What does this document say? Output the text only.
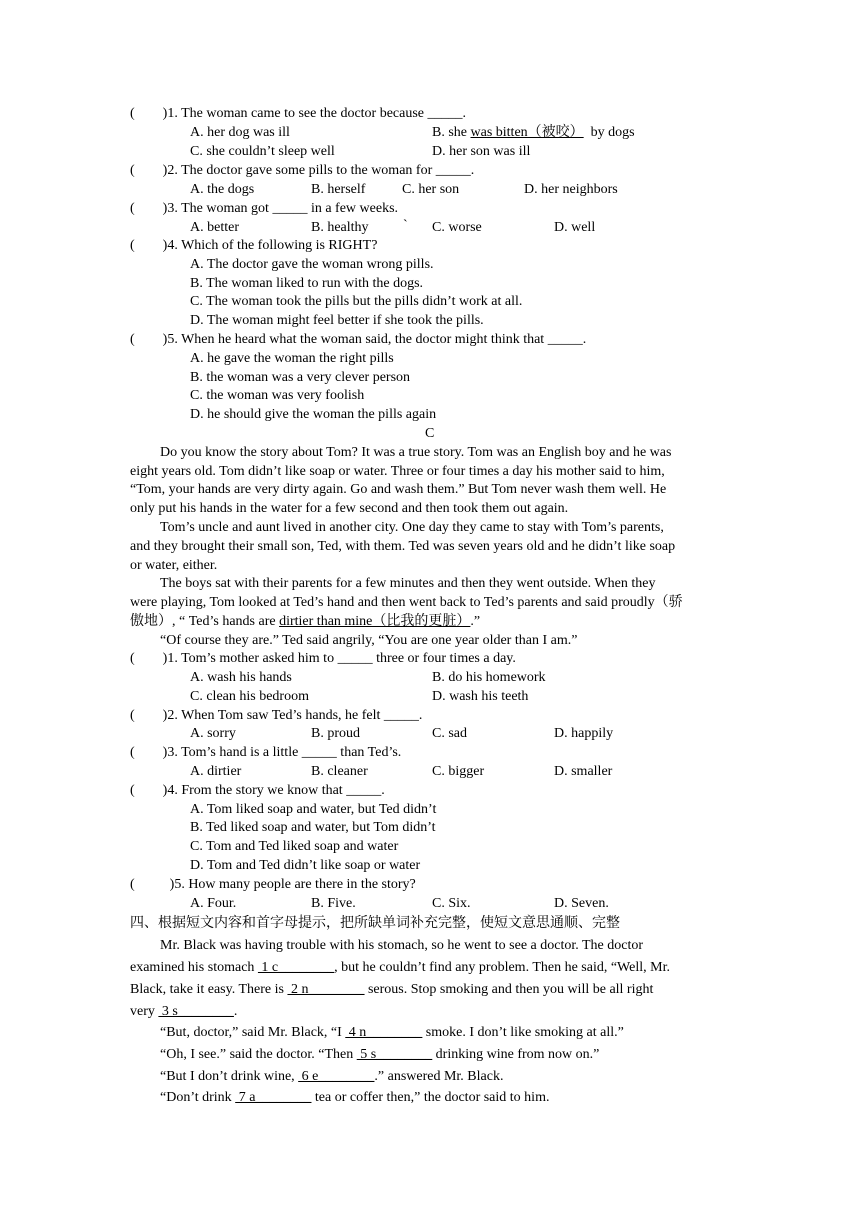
(        )1. The woman came to see the doctor because _____.
A. her dog was ill	B. she was bitten（被咬）  by dogs
C. she couldn’t sleep well	D. her son was ill
(        )2. The doctor gave some pills to the woman for _____.
A. the dogs	B. herself	C. her son	D. her neighbors
(        )3. The woman got _____ in a few weeks.
A. better	B. healthy ` C. worse	D. well
(        )4. Which of the following is RIGHT?
A. The doctor gave the woman wrong pills.
B. The woman liked to run with the dogs.
C. The woman took the pills but the pills didn’t work at all.
D. The woman might feel better if she took the pills.
(        )5. When he heard what the woman said, the doctor might think that _____.
A. he gave the woman the right pills
B. the woman was a very clever person
C. the woman was very foolish
D. he should give the woman the pills again
C
Do you know the story about Tom? It was a true story. Tom was an English boy and he was
eight years old. Tom didn’t like soap or water. Three or four times a day his mother said to him,
“Tom, your hands are very dirty again. Go and wash them.” But Tom never wash them well. He
only put his hands in the water for a few second and then took them out again.
Tom’s uncle and aunt lived in another city. One day they came to stay with Tom’s parents,
and they brought their small son, Ted, with them. Ted was seven years old and he didn’t like soap
or water, either.
The boys sat with their parents for a few minutes and then they went outside. When they
were playing, Tom looked at Ted’s hand and then went back to Ted’s parents and said proudly（骄
傲地）, “ Ted’s hands are dirtier than mine（比我的更脏）.”
“Of course they are.” Ted said angrily, “You are one year older than I am.”
(        )1. Tom’s mother asked him to _____ three or four times a day.
A. wash his hands	B. do his homework
C. clean his bedroom	D. wash his teeth
(        )2. When Tom saw Ted’s hands, he felt _____.
A. sorry	B. proud	C. sad	D. happily
(        )3. Tom’s hand is a little _____ than Ted’s.
A. dirtier	B. cleaner	C. bigger	D. smaller
(        )4. From the story we know that _____.
A. Tom liked soap and water, but Ted didn’t
B. Ted liked soap and water, but Tom didn’t
C. Tom and Ted liked soap and water
D. Tom and Ted didn’t like soap or water
(          )5. How many people are there in the story?
A. Four.	B. Five.	C. Six.	D. Seven.
四、根据短文内容和首字母提示，把所缺单词补充完整，使短文意思通顺、完整
Mr. Black was having trouble with his stomach, so he went to see a doctor. The doctor
examined his stomach  1 c________, but he couldn’t find any problem. Then he said, “Well, Mr.
Black, take it easy. There is  2 n________ serous. Stop smoking and then you will be all right
very  3 s________.
“But, doctor,” said Mr. Black, “I  4 n________ smoke. I don’t like smoking at all.”
“Oh, I see.” said the doctor. “Then  5 s________ drinking wine from now on.”
“But I don’t drink wine,  6 e________.” answered Mr. Black.
“Don’t drink  7 a________ tea or coffer then,” the doctor said to him.
